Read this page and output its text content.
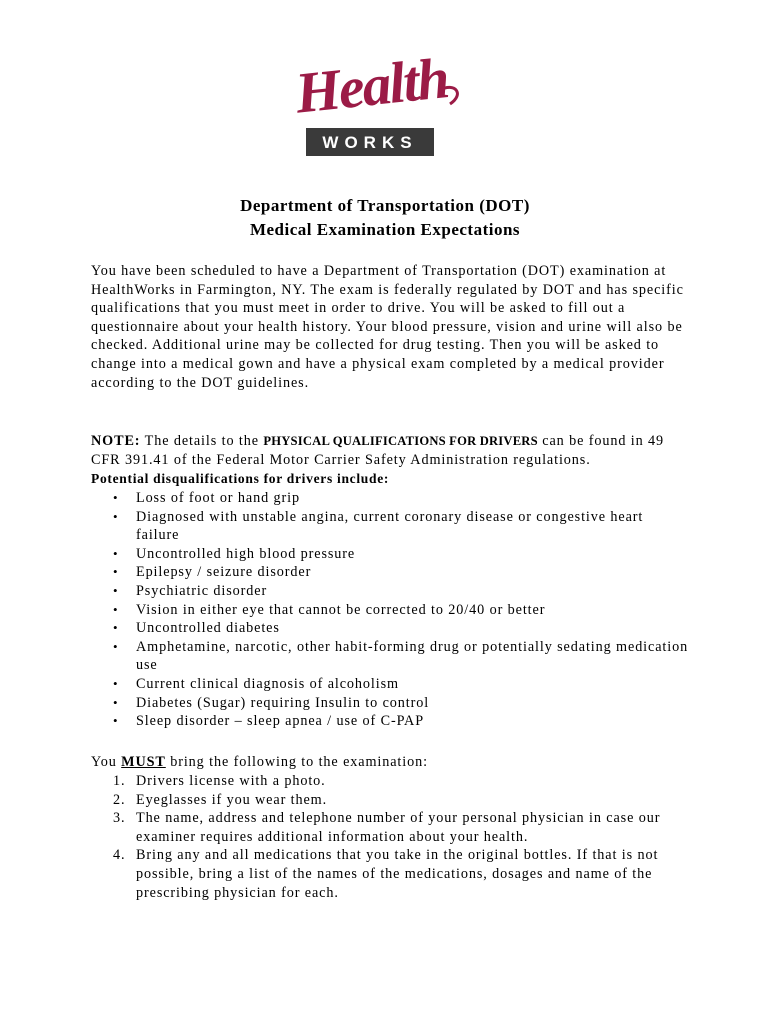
Health
WORKS
Department of Transportation (DOT)
Medical Examination Expectations
You have been scheduled to have a Department of Transportation (DOT) examination at HealthWorks in Farmington, NY. The exam is federally regulated by DOT and has specific qualifications that you must meet in order to drive. You will be asked to fill out a questionnaire about your health history. Your blood pressure, vision and urine will also be checked. Additional urine may be collected for drug testing. Then you will be asked to change into a medical gown and have a physical exam completed by a medical provider according to the DOT guidelines.
NOTE: The details to the PHYSICAL QUALIFICATIONS FOR DRIVERS can be found in 49 CFR 391.41 of the Federal Motor Carrier Safety Administration regulations.
Potential disqualifications for drivers include:
• Loss of foot or hand grip
• Diagnosed with unstable angina, current coronary disease or congestive heart failure
• Uncontrolled high blood pressure
• Epilepsy / seizure disorder
• Psychiatric disorder
• Vision in either eye that cannot be corrected to 20/40 or better
• Uncontrolled diabetes
• Amphetamine, narcotic, other habit-forming drug or potentially sedating medication use
• Current clinical diagnosis of alcoholism
• Diabetes (Sugar) requiring Insulin to control
• Sleep disorder – sleep apnea / use of C-PAP
You MUST bring the following to the examination:
1. Drivers license with a photo.
2. Eyeglasses if you wear them.
3. The name, address and telephone number of your personal physician in case our examiner requires additional information about your health.
4. Bring any and all medications that you take in the original bottles. If that is not possible, bring a list of the names of the medications, dosages and name of the prescribing physician for each.
